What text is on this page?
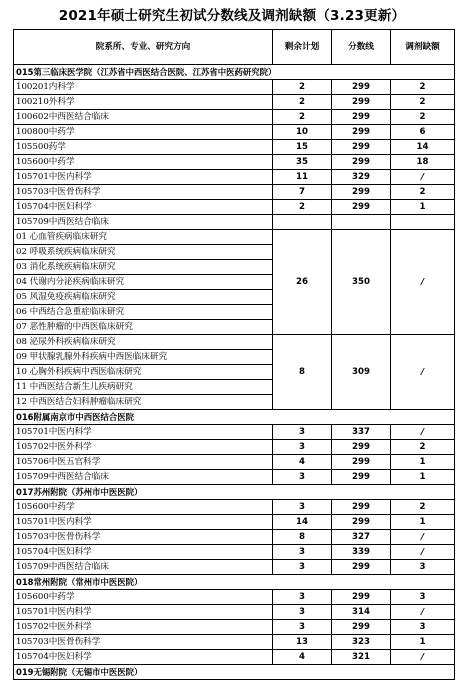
2021年硕士研究生初试分数线及调剂缺额（3.23更新）
院系所、专业、研究方向	剩余计划	分数线	调剂缺额
015第三临床医学院（江苏省中西医结合医院、江苏省中医药研究院）			
100201内科学	2	299	2
100210外科学	2	299	2
100602中西医结合临床	2	299	2
100800中药学	10	299	6
105500药学	15	299	14
105600中药学	35	299	18
105701中医内科学	11	329	/
105703中医骨伤科学	7	299	2
105704中医妇科学	2	299	1
105709中西医结合临床			
01 心血管疾病临床研究	26	350	/
02 呼吸系统疾病临床研究			
03 消化系统疾病临床研究			
04 代谢内分泌疾病临床研究			
05 风湿免疫疾病临床研究			
06 中西结合急重症临床研究			
07 恶性肿瘤的中西医临床研究			
08 泌尿外科疾病临床研究	8	309	/
09 甲状腺乳腺外科疾病中西医临床研究			
10 心胸外科疾病中西医临床研究			
11 中西医结合新生儿疾病研究			
12 中西医结合妇科肿瘤临床研究			
016附属南京市中西医结合医院			
105701中医内科学	3	337	/
105702中医外科学	3	299	2
105706中医五官科学	4	299	1
105709中西医结合临床	3	299	1
017苏州附院（苏州市中医医院）			
105600中药学	3	299	2
105701中医内科学	14	299	1
105703中医骨伤科学	8	327	/
105704中医妇科学	3	339	/
105709中西医结合临床	3	299	3
018常州附院（常州市中医医院）			
105600中药学	3	299	3
105701中医内科学	3	314	/
105702中医外科学	3	299	3
105703中医骨伤科学	13	323	1
105704中医妇科学	4	321	/
019无锡附院（无锡市中医医院）			
